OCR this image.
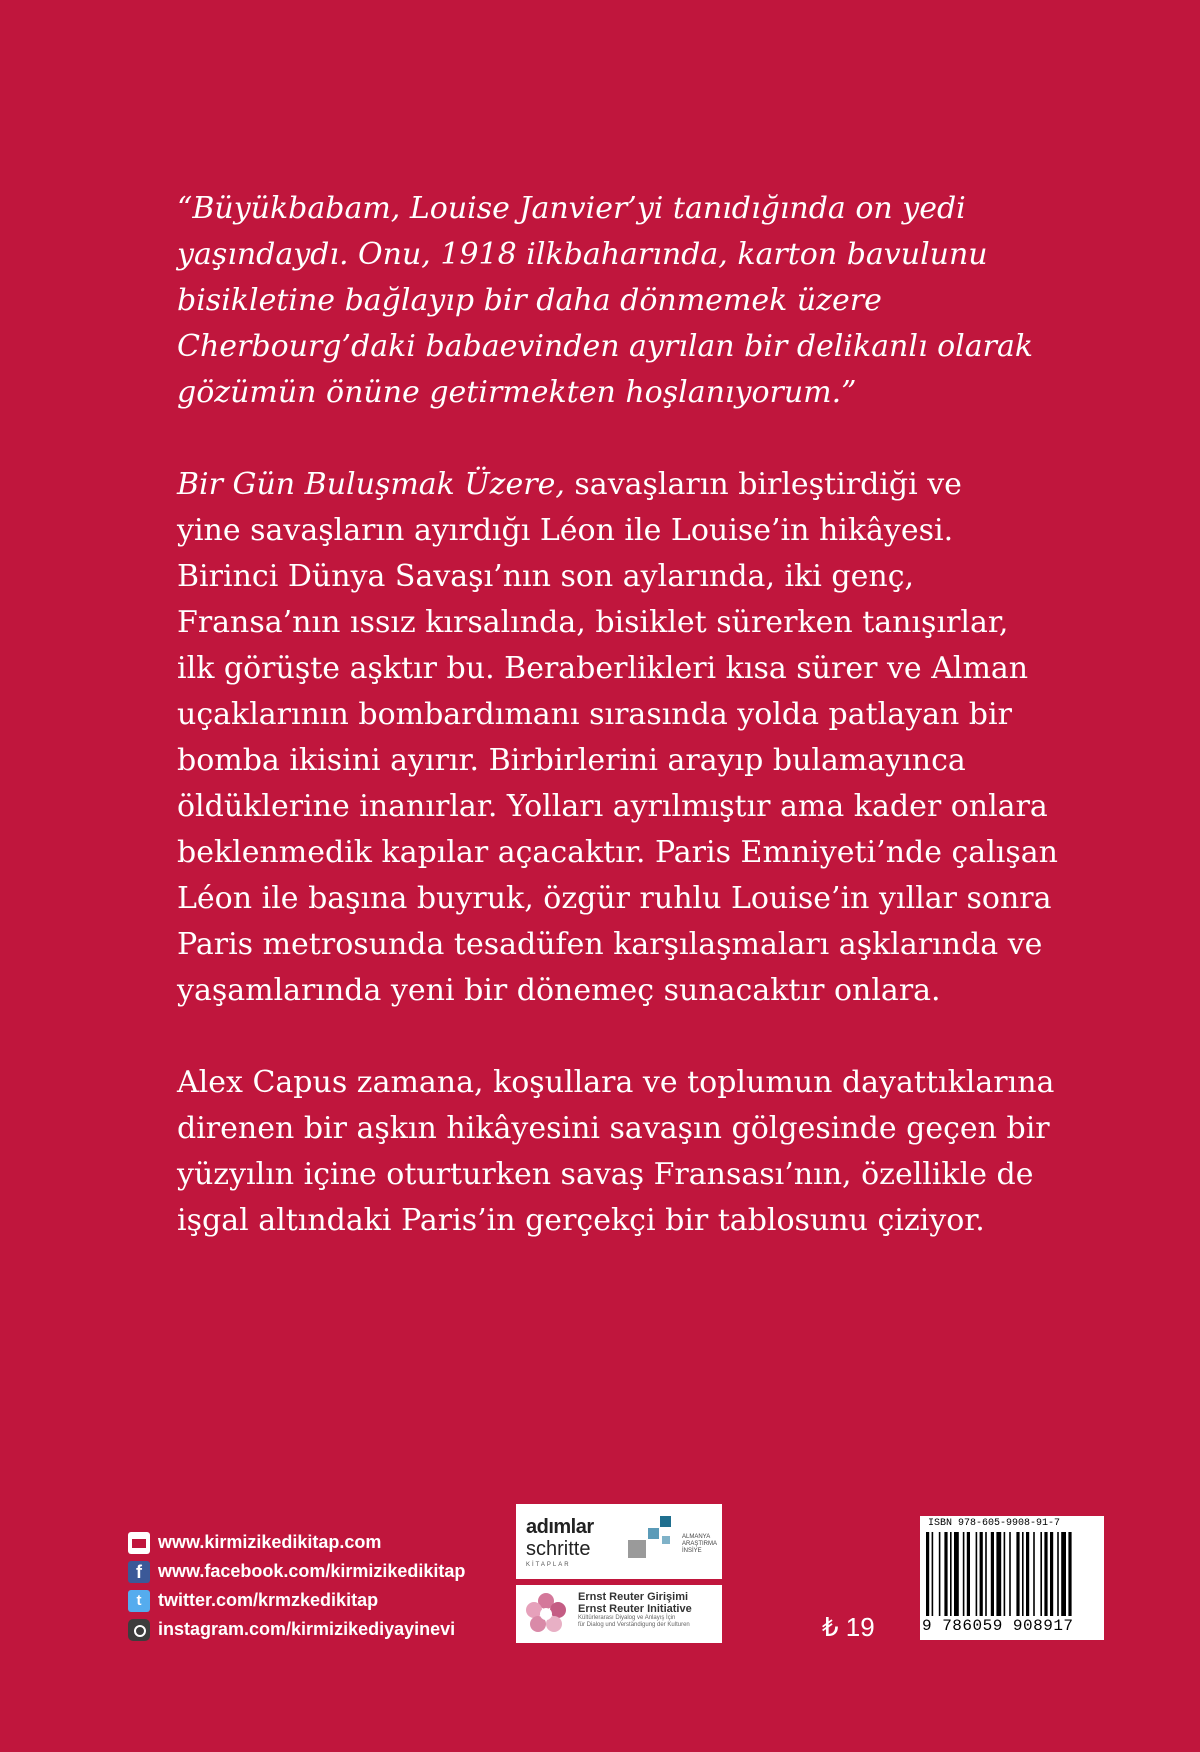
“Büyükbabam, Louise Janvier’yi tanıdığında on yedi
yaşındaydı. Onu, 1918 ilkbaharında, karton bavulunu
bisikletine bağlayıp bir daha dönmemek üzere
Cherbourg’daki babaevinden ayrılan bir delikanlı olarak
gözümün önüne getirmekten hoşlanıyorum.”

Bir Gün Buluşmak Üzere, savaşların birleştirdiği ve
yine savaşların ayırdığı Léon ile Louise’in hikâyesi.
Birinci Dünya Savaşı’nın son aylarında, iki genç,
Fransa’nın ıssız kırsalında, bisiklet sürerken tanışırlar,
ilk görüşte aşktır bu. Beraberlikleri kısa sürer ve Alman
uçaklarının bombardımanı sırasında yolda patlayan bir
bomba ikisini ayırır. Birbirlerini arayıp bulamayınca
öldüklerine inanırlar. Yolları ayrılmıştır ama kader onlara
beklenmedik kapılar açacaktır. Paris Emniyeti’nde çalışan
Léon ile başına buyruk, özgür ruhlu Louise’in yıllar sonra
Paris metrosunda tesadüfen karşılaşmaları aşklarında ve
yaşamlarında yeni bir dönemeç sunacaktır onlara.

Alex Capus zamana, koşullara ve toplumun dayattıklarına
direnen bir aşkın hikâyesini savaşın gölgesinde geçen bir
yüzyılın içine oturturken savaş Fransası’nın, özellikle de
işgal altındaki Paris’in gerçekçi bir tablosunu çiziyor.

www.kirmizikedikitap.com
f www.facebook.com/kirmizikedikitap
t twitter.com/krmzkedikitap
instagram.com/kirmizikediyayinevi
adımlar
schritte
KİTAPLAR
ALMANYA
ARAŞTIRMA
İNSİYE
Ernst Reuter Girişimi
Ernst Reuter Initiative
Kültürlerarası Diyalog ve Anlayış İçin
für Dialog und Verständigung der Kulturen	₺ 19
ISBN 978-605-9908-91-7
9 786059 908917
